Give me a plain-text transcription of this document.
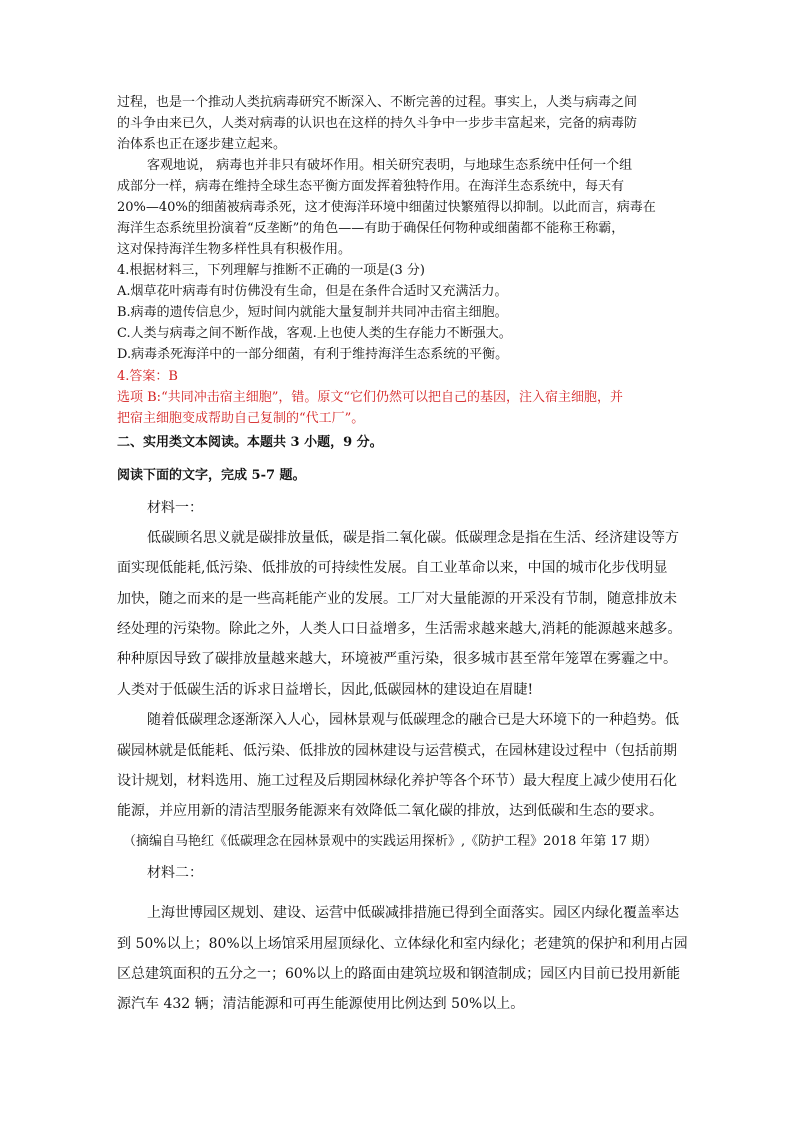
过程，也是一个推动人类抗病毒研究不断深入、不断完善的过程。事实上，人类与病毒之间
的斗争由来已久，人类对病毒的认识也在这样的持久斗争中一步步丰富起来，完备的病毒防
治体系也正在逐步建立起来。
客观地说， 病毒也并非只有破坏作用。相关研究表明，与地球生态系统中任何一个组
成部分一样，病毒在维持全球生态平衡方面发挥着独特作用。在海洋生态系统中，每天有
20%—40%的细菌被病毒杀死，这才使海洋环境中细菌过快繁殖得以抑制。以此而言，病毒在
海洋生态系统里扮演着“反垄断”的角色——有助于确保任何物种或细菌都不能称王称霸，
这对保持海洋生物多样性具有积极作用。
4.根据材料三，下列理解与推断不正确的一项是(3 分)
A.烟草花叶病毒有时仿佛没有生命，但是在条件合适时又充满活力。
B.病毒的遗传信息少，短时间内就能大量复制并共同冲击宿主细胞。
C.人类与病毒之间不断作战，客观.上也使人类的生存能力不断强大。
D.病毒杀死海洋中的一部分细菌，有利于维持海洋生态系统的平衡。
4.答案：B
选项 B:“共同冲击宿主细胞”，错。原文“它们仍然可以把自己的基因，注入宿主细胞，并
把宿主细胞变成帮助自己复制的“代工厂”。
二、实用类文本阅读。本题共 3 小题，9 分。
阅读下面的文字，完成 5-7 题。
材料一：
低碳顾名思义就是碳排放量低，碳是指二氧化碳。低碳理念是指在生活、经济建设等方
面实现低能耗,低污染、低排放的可持续性发展。自工业革命以来，中国的城市化步伐明显
加快，随之而来的是一些高耗能产业的发展。工厂对大量能源的开采没有节制，随意排放未
经处理的污染物。除此之外，人类人口日益增多，生活需求越来越大,消耗的能源越来越多。
种种原因导致了碳排放量越来越大，环境被严重污染，很多城市甚至常年笼罩在雾霾之中。
人类对于低碳生活的诉求日益增长，因此,低碳园林的建设迫在眉睫!
随着低碳理念逐渐深入人心，园林景观与低碳理念的融合已是大环境下的一种趋势。低
碳园林就是低能耗、低污染、低排放的园林建设与运营模式，在园林建设过程中（包括前期
设计规划，材料选用、施工过程及后期园林绿化养护等各个环节）最大程度上减少使用石化
能源，并应用新的清洁型服务能源来有效降低二氧化碳的排放，达到低碳和生态的要求。
（摘编自马艳红《低碳理念在园林景观中的实践运用探析》,《防护工程》2018 年第 17 期）
材料二：
上海世博园区规划、建设、运营中低碳减排措施已得到全面落实。园区内绿化覆盖率达
到 50%以上；80%以上场馆采用屋顶绿化、立体绿化和室内绿化；老建筑的保护和利用占园
区总建筑面积的五分之一；60%以上的路面由建筑垃圾和钢渣制成；园区内目前已投用新能
源汽车 432 辆；清洁能源和可再生能源使用比例达到 50%以上。
